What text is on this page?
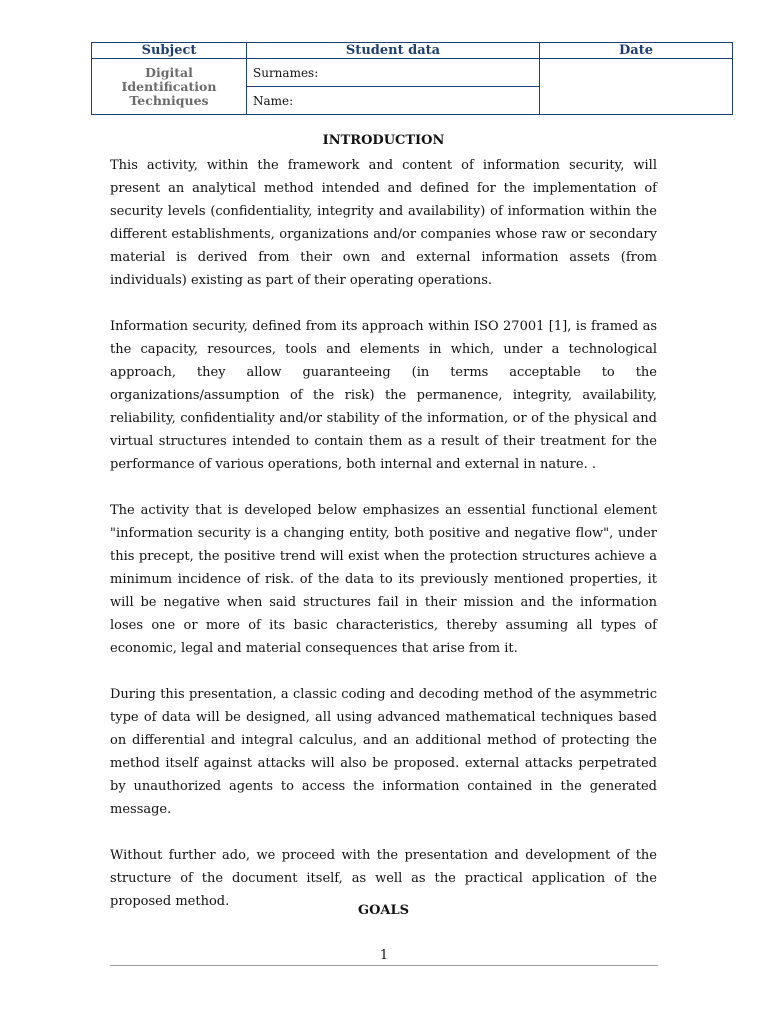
Subject	Student data	Date
Digital Identification Techniques	Surnames:	
	Name:	
INTRODUCTION

This activity, within the framework and content of information security, will present an analytical method intended and defined for the implementation of security levels (confidentiality, integrity and availability) of information within the different establishments, organizations and/or companies whose raw or secondary material is derived from their own and external information assets (from individuals) existing as part of their operating operations.

Information security, defined from its approach within ISO 27001 [1], is framed as the capacity, resources, tools and elements in which, under a technological approach, they allow guaranteeing (in terms acceptable to the organizations/assumption of the risk) the permanence, integrity, availability, reliability, confidentiality and/or stability of the information, or of the physical and virtual structures intended to contain them as a result of their treatment for the performance of various operations, both internal and external in nature. .

The activity that is developed below emphasizes an essential functional element "information security is a changing entity, both positive and negative flow", under this precept, the positive trend will exist when the protection structures achieve a minimum incidence of risk. of the data to its previously mentioned properties, it will be negative when said structures fail in their mission and the information loses one or more of its basic characteristics, thereby assuming all types of economic, legal and material consequences that arise from it.

During this presentation, a classic coding and decoding method of the asymmetric type of data will be designed, all using advanced mathematical techniques based on differential and integral calculus, and an additional method of protecting the method itself against attacks will also be proposed. external attacks perpetrated by unauthorized agents to access the information contained in the generated message.

Without further ado, we proceed with the presentation and development of the structure of the document itself, as well as the practical application of the proposed method.

GOALS
1
